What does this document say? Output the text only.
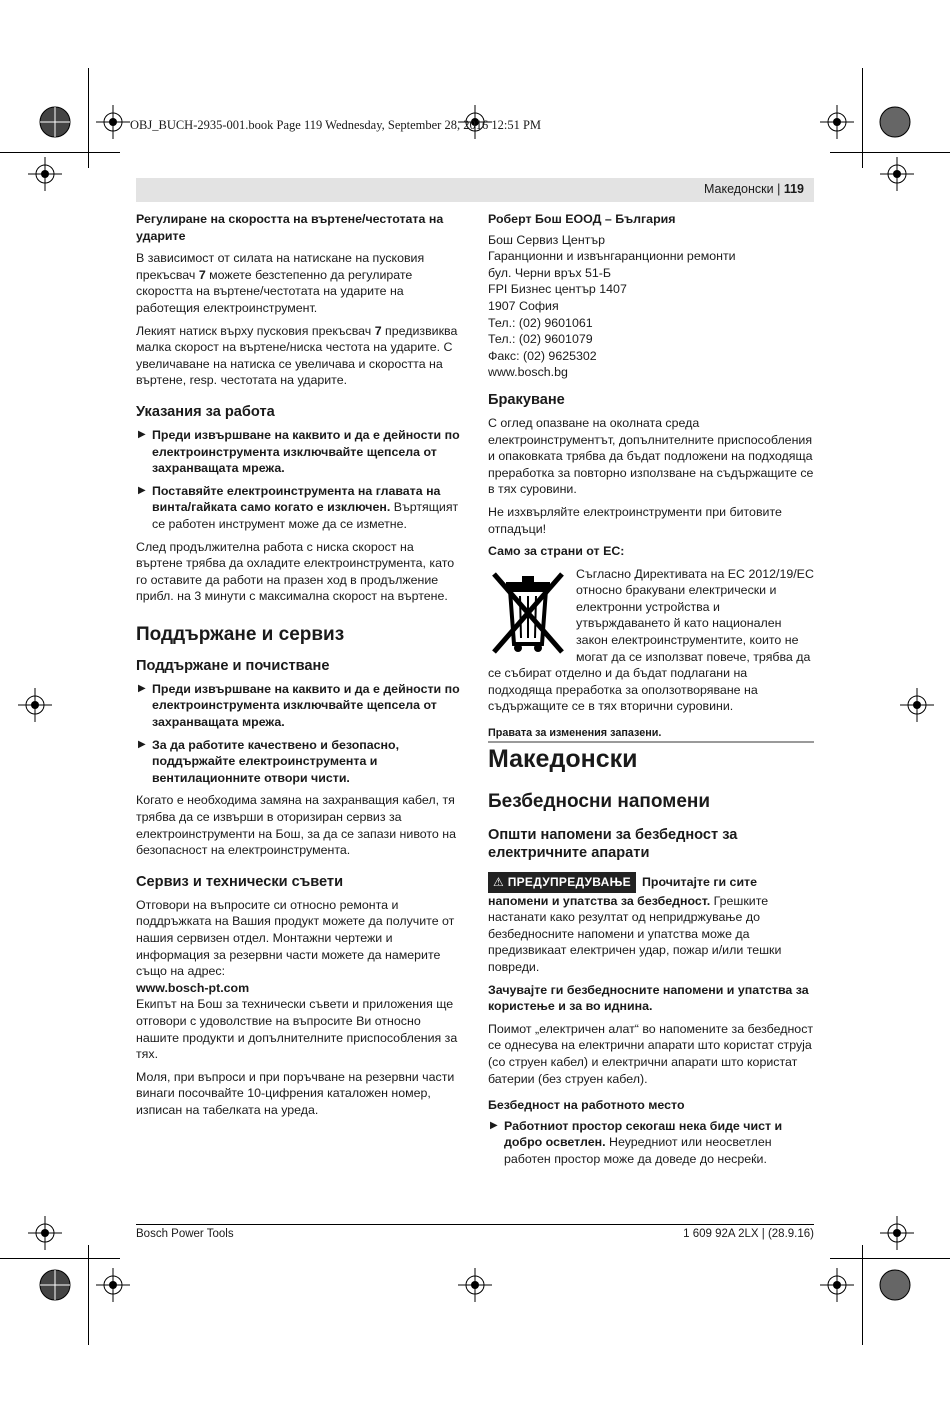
OBJ_BUCH-2935-001.book Page 119 Wednesday, September 28, 2016 12:51 PM
Македонски | 119

Регулиране на скоростта на въртене/честотата на ударите

В зависимост от силата на натискане на пусковия прекъсвач 7 можете безстепенно да регулирате скоростта на въртене/честотата на ударите на работещия електроинструмент.

Лекият натиск върху пусковия прекъсвач 7 предизвиква малка скорост на въртене/ниска честота на ударите. С увеличаване на натиска се увеличава и скоростта на въртене, resp. честотата на ударите.

Указания за работа
▶ Преди извършване на каквито и да е дейности по електроинструмента изключвайте щепсела от захранващата мрежа.
▶ Поставяйте електроинструмента на главата на винта/гайката само когато е изключен. Въртящият се работен инструмент може да се изметне.

След продължителна работа с ниска скорост на въртене трябва да охладите електроинструмента, като го оставите да работи на празен ход в продължение прибл. на 3 минути с максимална скорост на въртене.

Поддържане и сервиз
Поддържане и почистване
▶ Преди извършване на каквито и да е дейности по електроинструмента изключвайте щепсела от захранващата мрежа.
▶ За да работите качествено и безопасно, поддържайте електроинструмента и вентилационните отвори чисти.

Когато е необходима замяна на захранващия кабел, тя трябва да се извърши в оторизиран сервиз за електроинструменти на Бош, за да се запази нивото на безопасност на електроинструмента.

Сервиз и технически съвети

Отговори на въпросите си относно ремонта и поддръжката на Вашия продукт можете да получите от нашия сервизен отдел. Монтажни чертежи и информация за резервни части можете да намерите също на адрес:

www.bosch-pt.com

Екипът на Бош за технически съвети и приложения ще отговори с удоволствие на въпросите Ви относно нашите продукти и допълнителните приспособления за тях.

Моля, при въпроси и при поръчване на резервни части винаги посочвайте 10-цифрения каталожен номер, изписан на табелката на уреда.

Роберт Бош ЕООД – България

Бош Сервиз Център
Гаранционни и извънгаранционни ремонти
бул. Черни връх 51-Б
FPI Бизнес център 1407
1907 София
Тел.: (02) 9601061
Тел.: (02) 9601079
Факс: (02) 9625302
www.bosch.bg
Бракуване

С оглед опазване на околната среда електроинструментът, допълнителните приспособления и опаковката трябва да бъдат подложени на подходяща преработка за повторно използване на съдържащите се в тях суровини.

Не изхвърляйте електроинструменти при битовите отпадъци!

Само за страни от ЕС:

Съгласно Директивата на ЕС 2012/19/ЕС относно бракувани електрически и електронни устройства и утвърждаването й като национален закон електроинструментите, които не могат да се използват повече, трябва да се събират отделно и да бъдат подлагани на подходяща преработка за оползотворяване на съдържащите се в тях вторични суровини.

Правата за изменения запазени.

Македонски
Безбедносни напомени
Општи напомени за безбедност за електричните апарати

⚠ ПРЕДУПРЕДУВАЊЕ Прочитајте ги сите напомени и упатства за безбедност. Грешките настанати како резултат од непридржување до безбедносните напомени и упатства може да предизвикаат електричен удар, пожар и/или тешки повреди.

Зачувајте ги безбедносните напомени и упатства за користење и за во иднина.

Поимот „електричен алат“ во напомените за безбедност се однесува на електрични апарати што користат струја (со струен кабел) и електрични апарати што користат батерии (без струен кабел).

Безбедност на работното место

▶ Работниот простор секогаш нека биде чист и добро осветлен. Неуредниот или неосветлен работен простор може да доведе до несреќи.
Bosch Power Tools	1 609 92A 2LX | (28.9.16)
